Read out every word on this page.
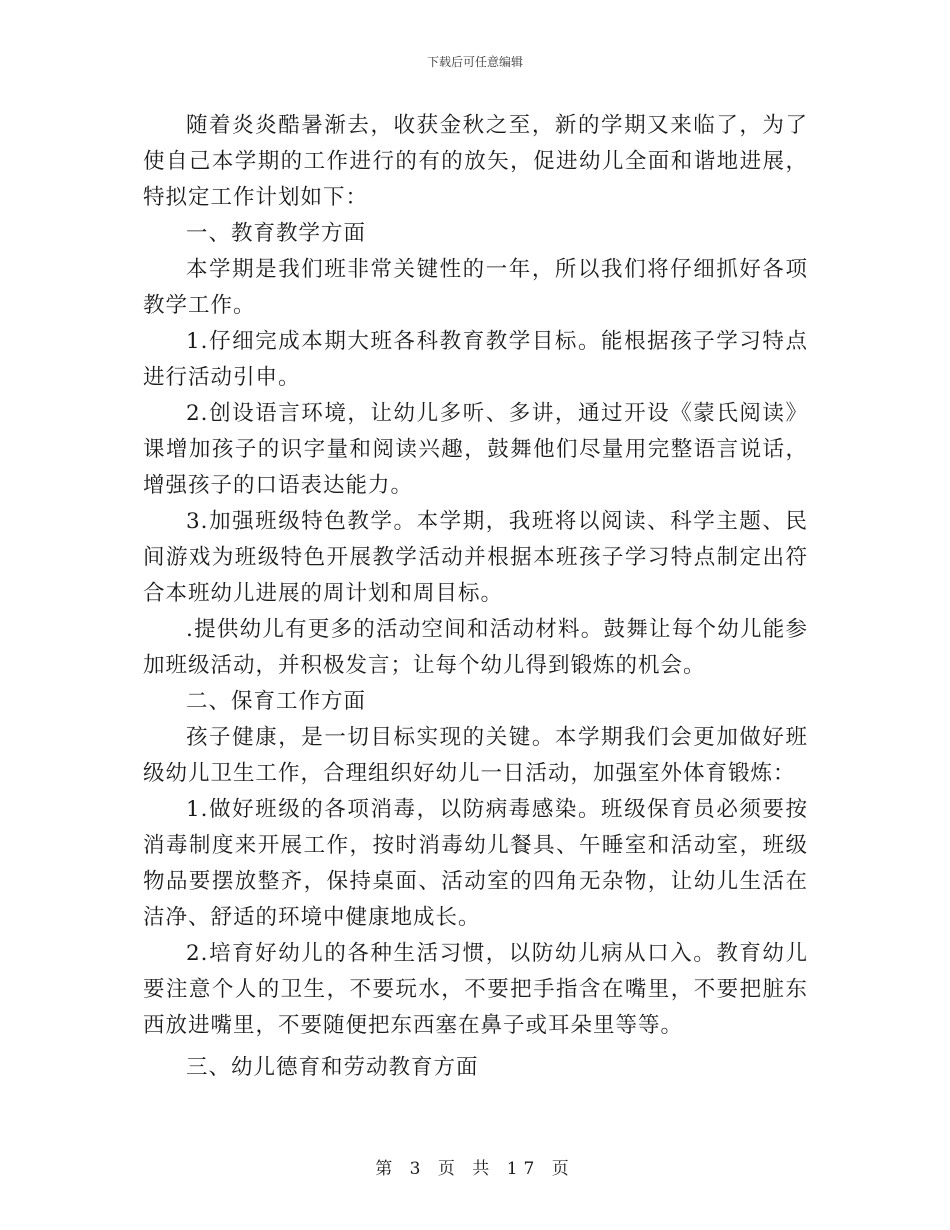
下载后可任意编辑

随着炎炎酷暑渐去，收获金秋之至，新的学期又来临了，为了使自己本学期的工作进行的有的放矢，促进幼儿全面和谐地进展，特拟定工作计划如下：

一、教育教学方面

本学期是我们班非常关键性的一年，所以我们将仔细抓好各项教学工作。

1.仔细完成本期大班各科教育教学目标。能根据孩子学习特点进行活动引申。

2.创设语言环境，让幼儿多听、多讲，通过开设《蒙氏阅读》课增加孩子的识字量和阅读兴趣，鼓舞他们尽量用完整语言说话，增强孩子的口语表达能力。

3.加强班级特色教学。本学期，我班将以阅读、科学主题、民间游戏为班级特色开展教学活动并根据本班孩子学习特点制定出符合本班幼儿进展的周计划和周目标。

.提供幼儿有更多的活动空间和活动材料。鼓舞让每个幼儿能参加班级活动，并积极发言；让每个幼儿得到锻炼的机会。

二、保育工作方面

孩子健康，是一切目标实现的关键。本学期我们会更加做好班级幼儿卫生工作，合理组织好幼儿一日活动，加强室外体育锻炼：

1.做好班级的各项消毒，以防病毒感染。班级保育员必须要按消毒制度来开展工作，按时消毒幼儿餐具、午睡室和活动室，班级物品要摆放整齐，保持桌面、活动室的四角无杂物，让幼儿生活在洁净、舒适的环境中健康地成长。

2.培育好幼儿的各种生活习惯，以防幼儿病从口入。教育幼儿要注意个人的卫生，不要玩水，不要把手指含在嘴里，不要把脏东西放进嘴里，不要随便把东西塞在鼻子或耳朵里等等。

三、幼儿德育和劳动教育方面

第 3 页 共 17 页
